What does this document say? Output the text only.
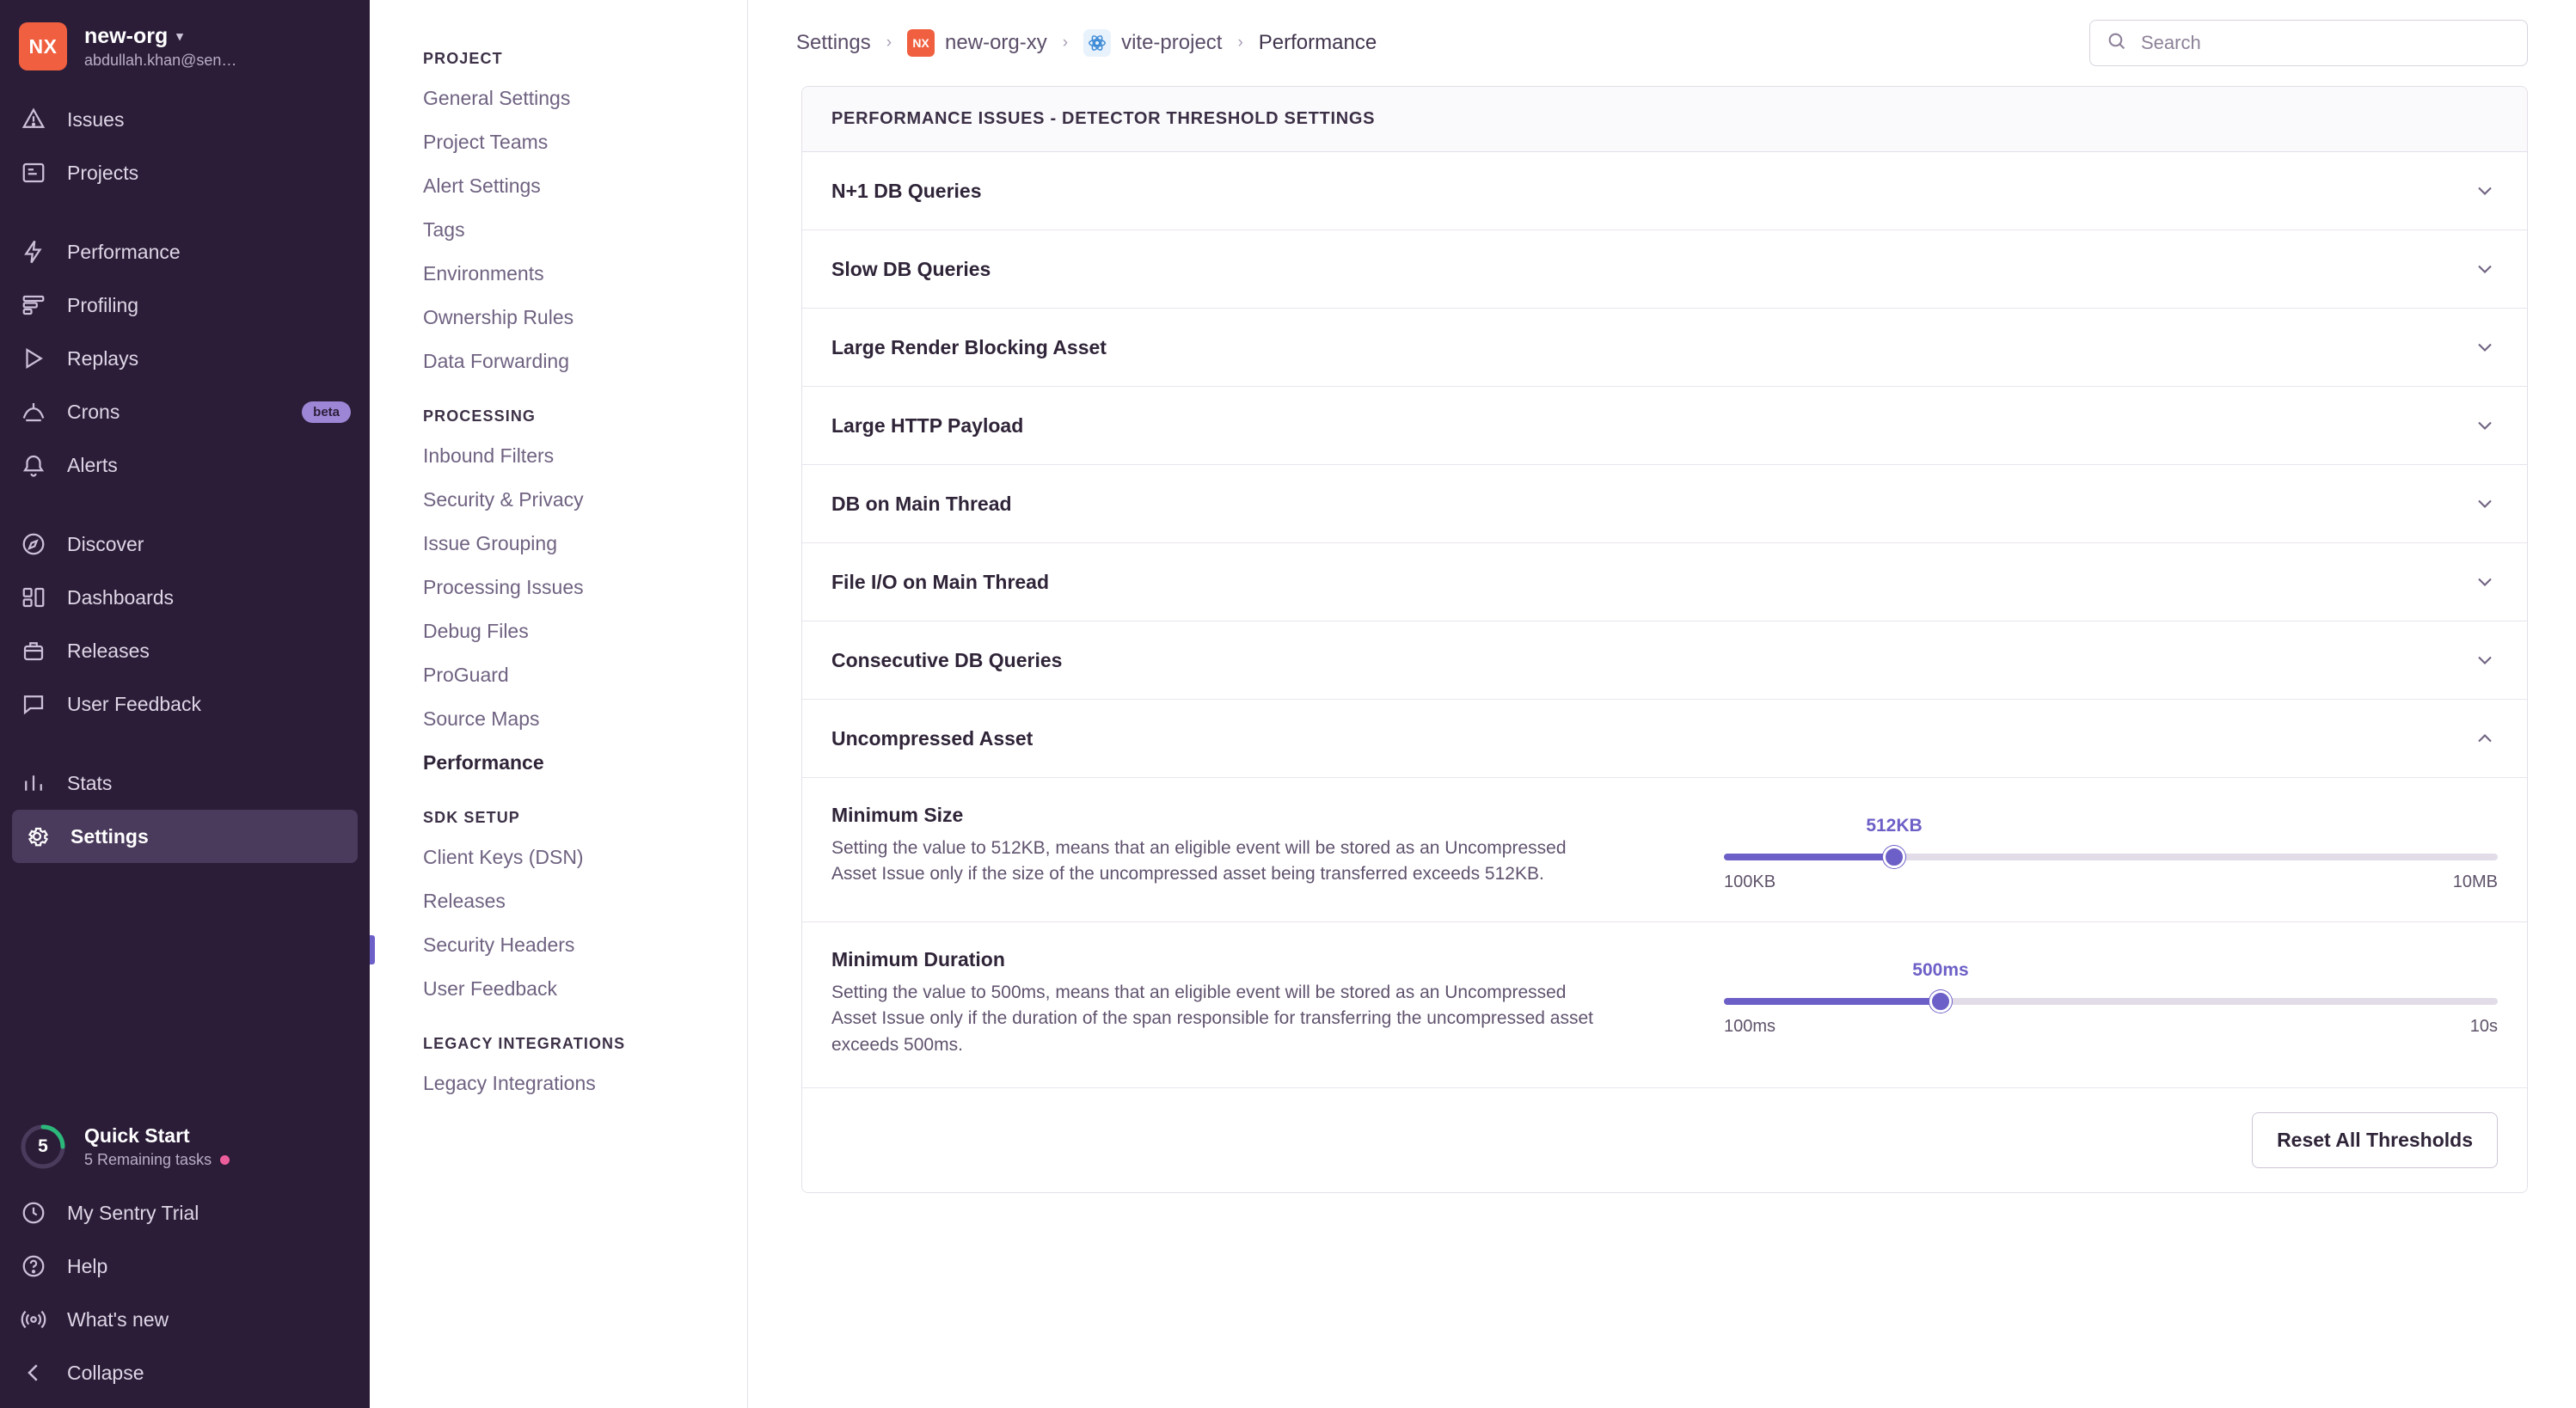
NX	new-org ▾
abdullah.khan@sen…
Issues
Projects
Performance
Profiling
Replays
Crons	beta
Alerts
Discover
Dashboards
Releases
User Feedback
Stats
Settings
5	Quick Start
5 Remaining tasks
My Sentry Trial
Help
What's new
Collapse
PROJECT
General Settings
Project Teams
Alert Settings
Tags
Environments
Ownership Rules
Data Forwarding
PROCESSING
Inbound Filters
Security & Privacy
Issue Grouping
Processing Issues
Debug Files
ProGuard
Source Maps
Performance
SDK SETUP
Client Keys (DSN)
Releases
Security Headers
User Feedback
LEGACY INTEGRATIONS
Legacy Integrations
Settings ›	NX new-org-xy ›	vite-project › Performance
Search
PERFORMANCE ISSUES - DETECTOR THRESHOLD SETTINGS
N+1 DB Queries
Slow DB Queries
Large Render Blocking Asset
Large HTTP Payload
DB on Main Thread
File I/O on Main Thread
Consecutive DB Queries
Uncompressed Asset
Minimum Size
Setting the value to 512KB, means that an eligible event will be stored as an Uncompressed Asset Issue only if the size of the uncompressed asset being transferred exceeds 512KB.
512KB
100KB	10MB
Minimum Duration
Setting the value to 500ms, means that an eligible event will be stored as an Uncompressed Asset Issue only if the duration of the span responsible for transferring the uncompressed asset exceeds 500ms.
500ms
100ms	10s
Reset All Thresholds
